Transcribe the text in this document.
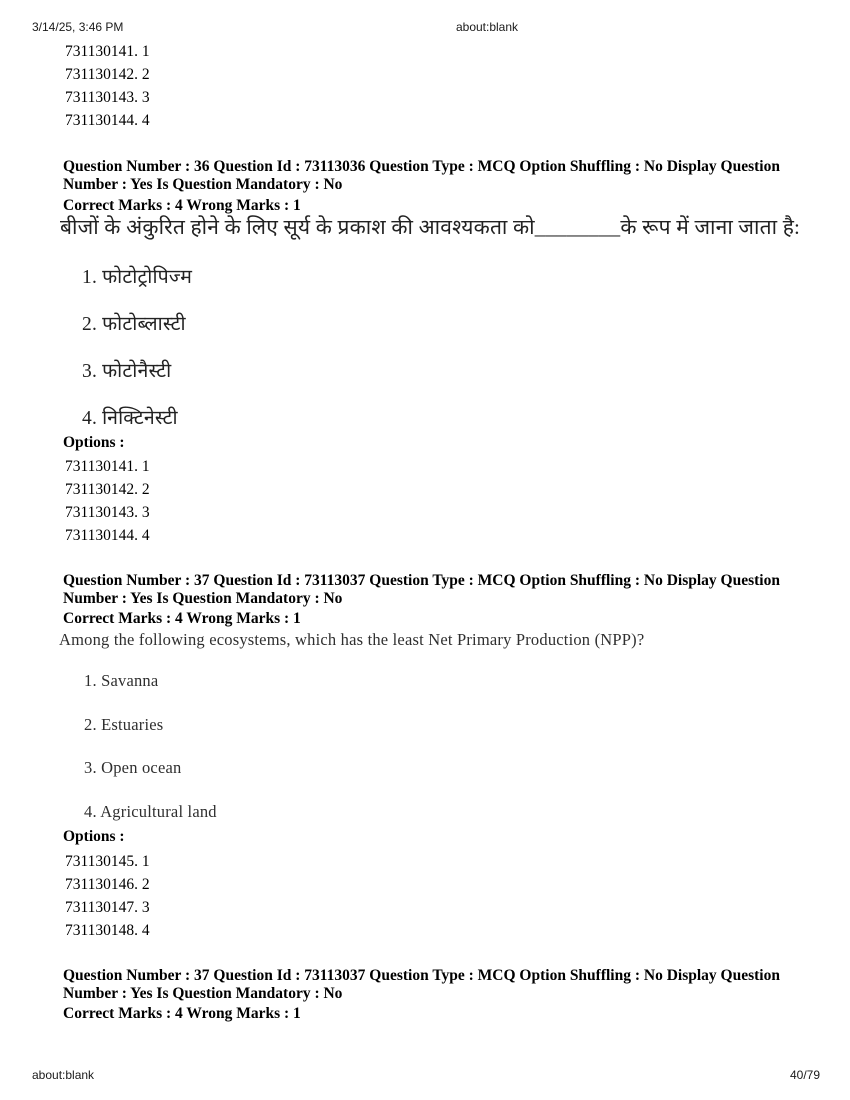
3/14/25, 3:46 PM	about:blank
731130141. 1
731130142. 2
731130143. 3
731130144. 4
Question Number : 36 Question Id : 73113036 Question Type : MCQ Option Shuffling : No Display Question
Number : Yes Is Question Mandatory : No
Correct Marks : 4 Wrong Marks : 1
बीजों के अंकुरित होने के लिए सूर्य के प्रकाश की आवश्यकता को________के रूप में जाना जाता है:
1. फोटोट्रोपिज्म
2. फोटोब्लास्टी
3. फोटोनैस्टी
4. निक्टिनेस्टी
Options :
731130141. 1
731130142. 2
731130143. 3
731130144. 4
Question Number : 37 Question Id : 73113037 Question Type : MCQ Option Shuffling : No Display Question
Number : Yes Is Question Mandatory : No
Correct Marks : 4 Wrong Marks : 1
Among the following ecosystems, which has the least Net Primary Production (NPP)?
1. Savanna
2. Estuaries
3. Open ocean
4. Agricultural land
Options :
731130145. 1
731130146. 2
731130147. 3
731130148. 4
Question Number : 37 Question Id : 73113037 Question Type : MCQ Option Shuffling : No Display Question
Number : Yes Is Question Mandatory : No
Correct Marks : 4 Wrong Marks : 1
about:blank	40/79
